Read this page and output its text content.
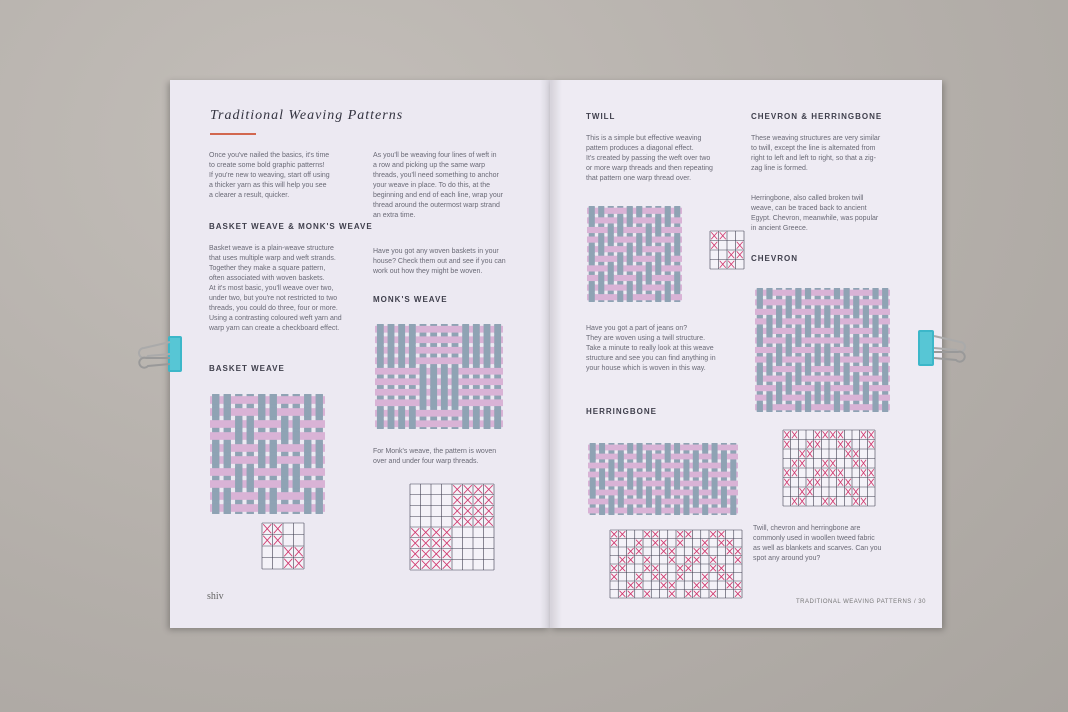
Traditional Weaving Patterns
Once you've nailed the basics, it's time
to create some bold graphic patterns!
If you're new to weaving, start off using
a thicker yarn as this will help you see
a clearer a result, quicker.
As you'll be weaving four lines of weft in
a row and picking up the same warp
threads, you'll need something to anchor
your weave in place. To do this, at the
beginning and end of each line, wrap your
thread around the outermost warp strand
an extra time.
BASKET WEAVE & MONK'S WEAVE
Basket weave is a plain-weave structure
that uses multiple warp and weft strands.
Together they make a square pattern,
often associated with woven baskets.
At it's most basic, you'll weave over two,
under two, but you're not restricted to two
threads, you could do three, four or more.
Using a contrasting coloured weft yarn and
warp yarn can create a checkboard effect.
Have you got any woven baskets in your
house? Check them out and see if you can
work out how they might be woven.
MONK'S WEAVE
BASKET WEAVE
For Monk's weave, the pattern is woven
over and under four warp threads.
shiv
TWILL
This is a simple but effective weaving
pattern produces a diagonal effect.
It's created by passing the weft over two
or more warp threads and then repeating
that pattern one warp thread over.
CHEVRON & HERRINGBONE
These weaving structures are very similar
to twill, except the line is alternated from
right to left and left to right, so that a zig-
zag line is formed.
Herringbone, also called broken twill
weave, can be traced back to ancient
Egypt. Chevron, meanwhile, was popular
in ancient Greece.
CHEVRON
Have you got a part of jeans on?
They are woven using a twill structure.
Take a minute to really look at this weave
structure and see you can find anything in
your house which is woven in this way.
HERRINGBONE
Twill, chevron and herringbone are
commonly used in woollen tweed fabric
as well as blankets and scarves. Can you
spot any around you?
TRADITIONAL WEAVING PATTERNS / 30
